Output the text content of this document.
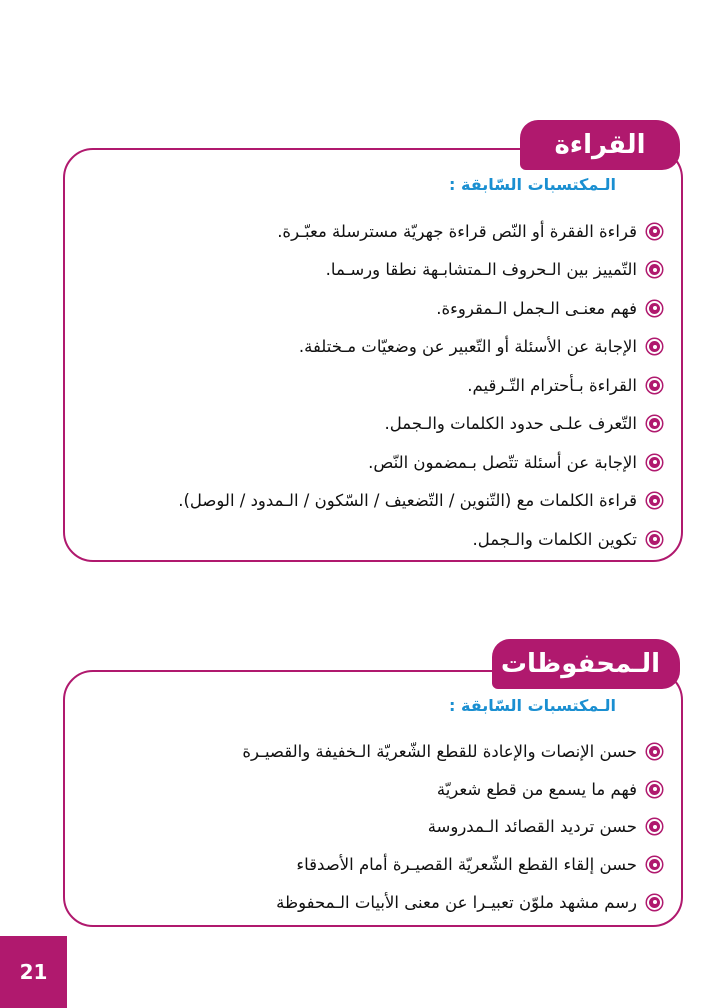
القراءة
الـمكتسبات السّابقة :
قراءة الفقرة أو النّص قراءة جهريّة مسترسلة معبّـرة.
التّمييز بين الـحروف الـمتشابـهة نطقا ورسـما.
فهم معنـى الـجمل الـمقروءة.
الإجابة عن الأسئلة أو التّعبير عن وضعيّات مـختلفة.
القراءة بـأحترام التّـرقيم.
التّعرف علـى حدود الكلمات والـجمل.
الإجابة عن أسئلة تتّصل بـمضمون النّص.
قراءة الكلمات مع (التّنوين / التّضعيف / السّكون / الـمدود / الوصل).
تكوين الكلمات والـجمل.
الـمحفوظات
الـمكتسبات السّابقة :
حسن الإنصات والإعادة للقطع الشّعريّة الـخفيفة والقصيـرة
فهم ما يسمع من قطع شعريّة
حسن ترديد القصائد الـمدروسة
حسن إلقاء القطع الشّعريّة القصيـرة أمام الأصدقاء
رسم مشهد ملوّن تعبيـرا عن معنى الأبيات الـمحفوظة
21
